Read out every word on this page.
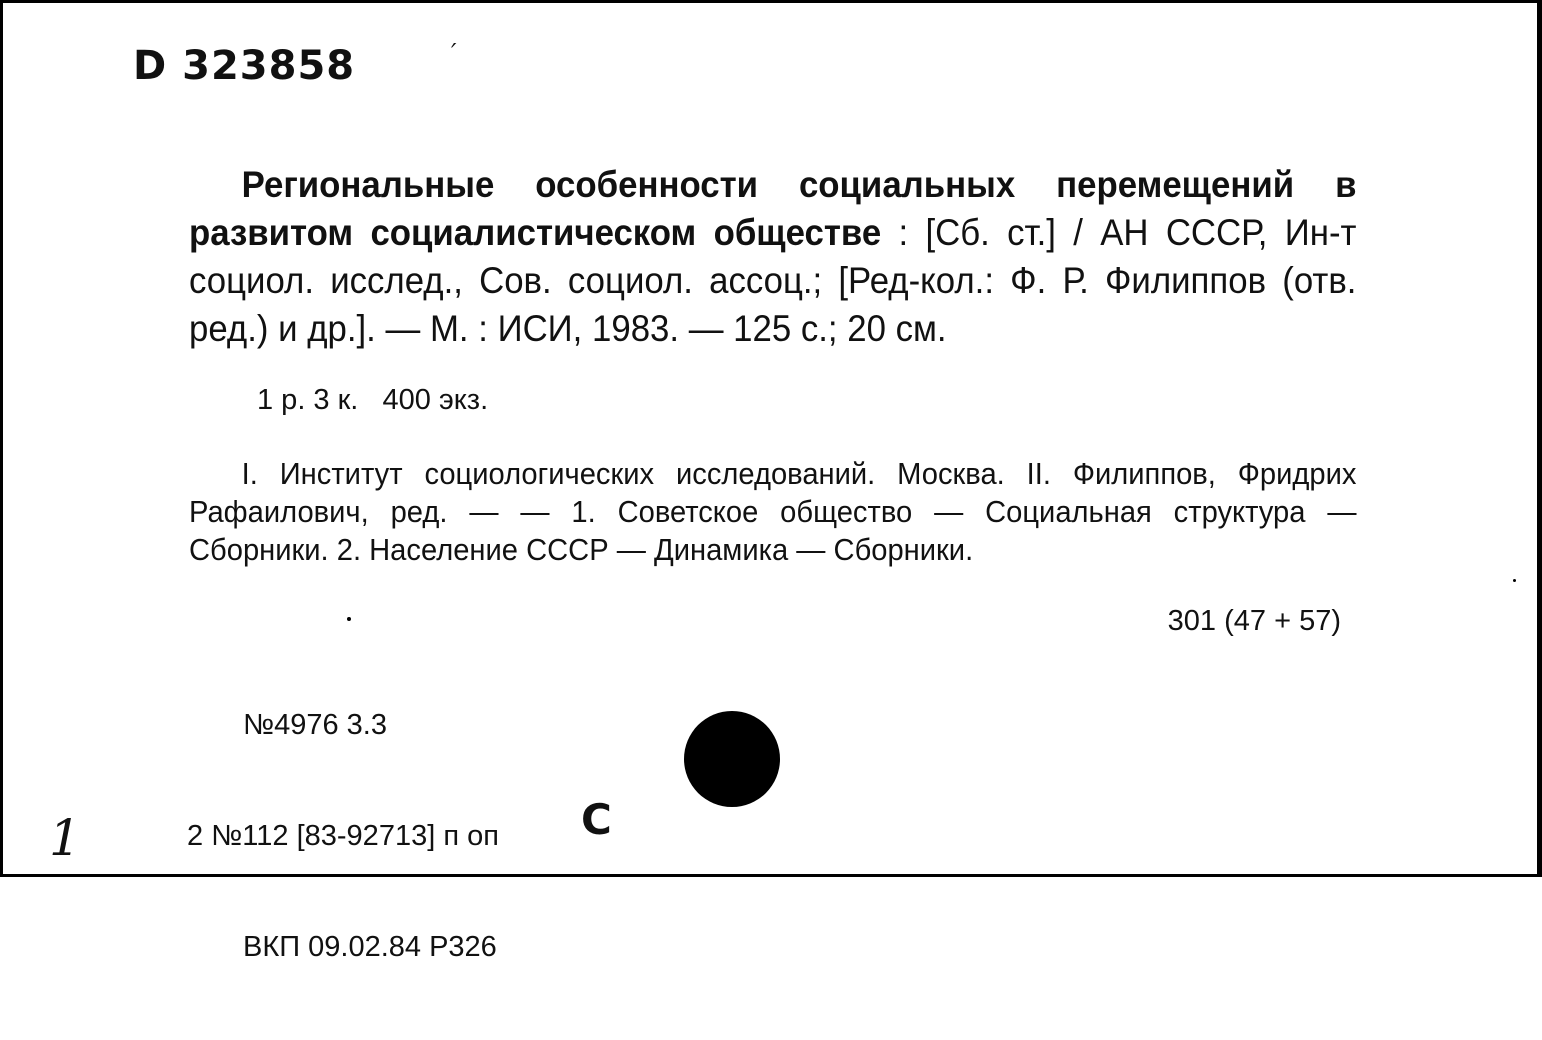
D 323858	′

Региональные особенности социальных перемещений в развитом социалистическом обществе : [Сб. ст.] / АН СССР, Ин-т социол. исслед., Сов. социол. ассоц.; [Ред-кол.: Ф. Р. Филиппов (отв. ред.) и др.]. — М. : ИСИ, 1983. — 125 с.; 20 см.

1 р. 3 к.   400 экз.

I. Институт социологических исследований. Москва. II. Филиппов, Фридрих Рафаилович, ред. — — 1. Советское общество — Социальная структура — Сборники. 2. Население СССР — Динамика — Сборники.

301 (47 + 57)

№4976 3.3

2 №112 [83-92713] п оп

ВКП 09.02.84 Р326

C

1
